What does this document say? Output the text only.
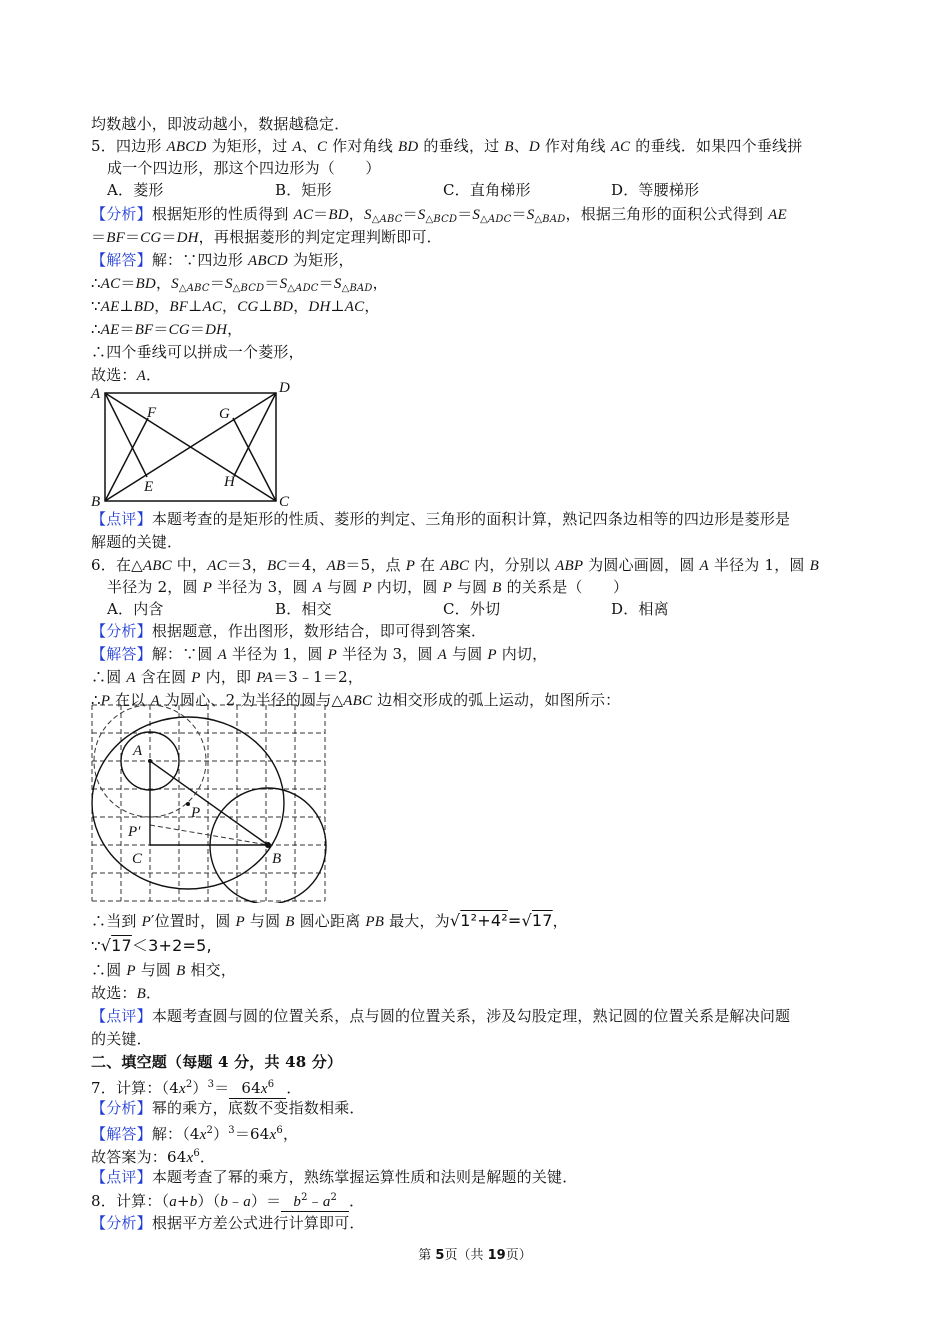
均数越小，即波动越小，数据越稳定．
5．四边形 ABCD 为矩形，过 A、C 作对角线 BD 的垂线，过 B、D 作对角线 AC 的垂线．如果四个垂线拼
成一个四边形，那这个四边形为（　　）
A．菱形	B．矩形	C．直角梯形	D．等腰梯形
【分析】根据矩形的性质得到 AC＝BD，$S_{\triangle ABC}=S_{\triangle BCD}=S_{\triangle ADC}=S_{\triangle BAD}$，根据三角形的面积公式得到 AE
＝BF＝CG＝DH，再根据菱形的判定定理判断即可．
【解答】解：∵四边形 ABCD 为矩形，
∴AC＝BD，$S_{\triangle ABC}=S_{\triangle BCD}=S_{\triangle ADC}=S_{\triangle BAD}$，
∵AE⊥BD，BF⊥AC，CG⊥BD，DH⊥AC，
∴AE＝BF＝CG＝DH，
∴四个垂线可以拼成一个菱形，
故选：A．
A	D
B	C
F	G
E	H
【点评】本题考查的是矩形的性质、菱形的判定、三角形的面积计算，熟记四条边相等的四边形是菱形是
解题的关键．
6．在△ABC 中，AC＝3，BC＝4，AB＝5，点 P 在 ABC 内，分别以 ABP 为圆心画圆，圆 A 半径为 1，圆 B
半径为 2，圆 P 半径为 3，圆 A 与圆 P 内切，圆 P 与圆 B 的关系是（　　）
A．内含	B．相交	C．外切	D．相离
【分析】根据题意，作出图形，数形结合，即可得到答案．
【解答】解：∵圆 A 半径为 1，圆 P 半径为 3，圆 A 与圆 P 内切，
∴圆 A 含在圆 P 内，即 PA＝3﹣1＝2，
∴P 在以 A 为圆心、2 为半径的圆与△ABC 边相交形成的弧上运动，如图所示：
A
P
P′
C	B
∴当到 P′位置时，圆 P 与圆 B 圆心距离 PB 最大，为√1²+4²=√17，
∵√17＜3+2=5,
∴圆 P 与圆 B 相交，
故选：B．
【点评】本题考查圆与圆的位置关系，点与圆的位置关系，涉及勾股定理，熟记圆的位置关系是解决问题
的关键．
二、填空题（每题 4 分，共 48 分）
7．计算：$(4x^2)^3= 64x^6$ ．
【分析】幂的乘方，底数不变指数相乘．
【解答】解：$(4x^2)^3=64x^6$，
故答案为：$64x^6$．
【点评】本题考查了幂的乘方，熟练掌握运算性质和法则是解题的关键．
8．计算：（a+b）（b﹣a）＝ $b^2﹣a^2$ ．
【分析】根据平方差公式进行计算即可．
第 5页（共 19页）
